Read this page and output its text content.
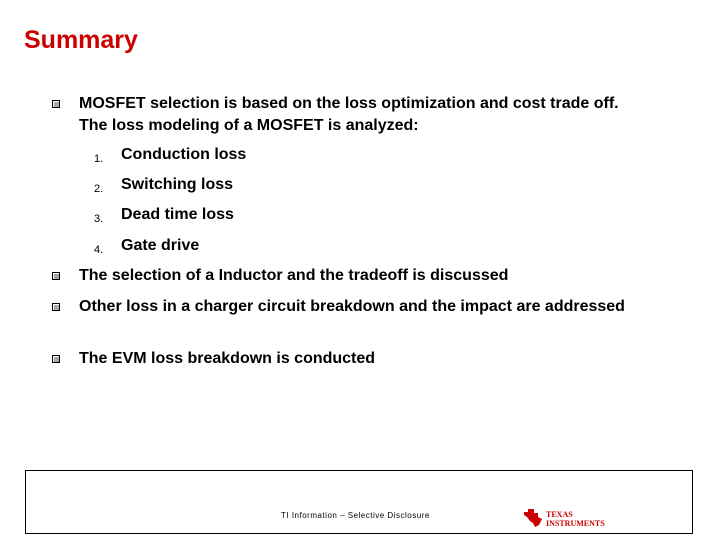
Summary
MOSFET selection is based on the loss optimization and cost trade off. The loss modeling of a MOSFET is analyzed:
1. Conduction loss
2. Switching loss
3. Dead time loss
4. Gate drive
The selection of a Inductor and the tradeoff is discussed
Other loss in a charger circuit breakdown and the impact are addressed
The EVM loss breakdown is conducted
TI Information – Selective Disclosure	TEXAS
INSTRUMENTS
